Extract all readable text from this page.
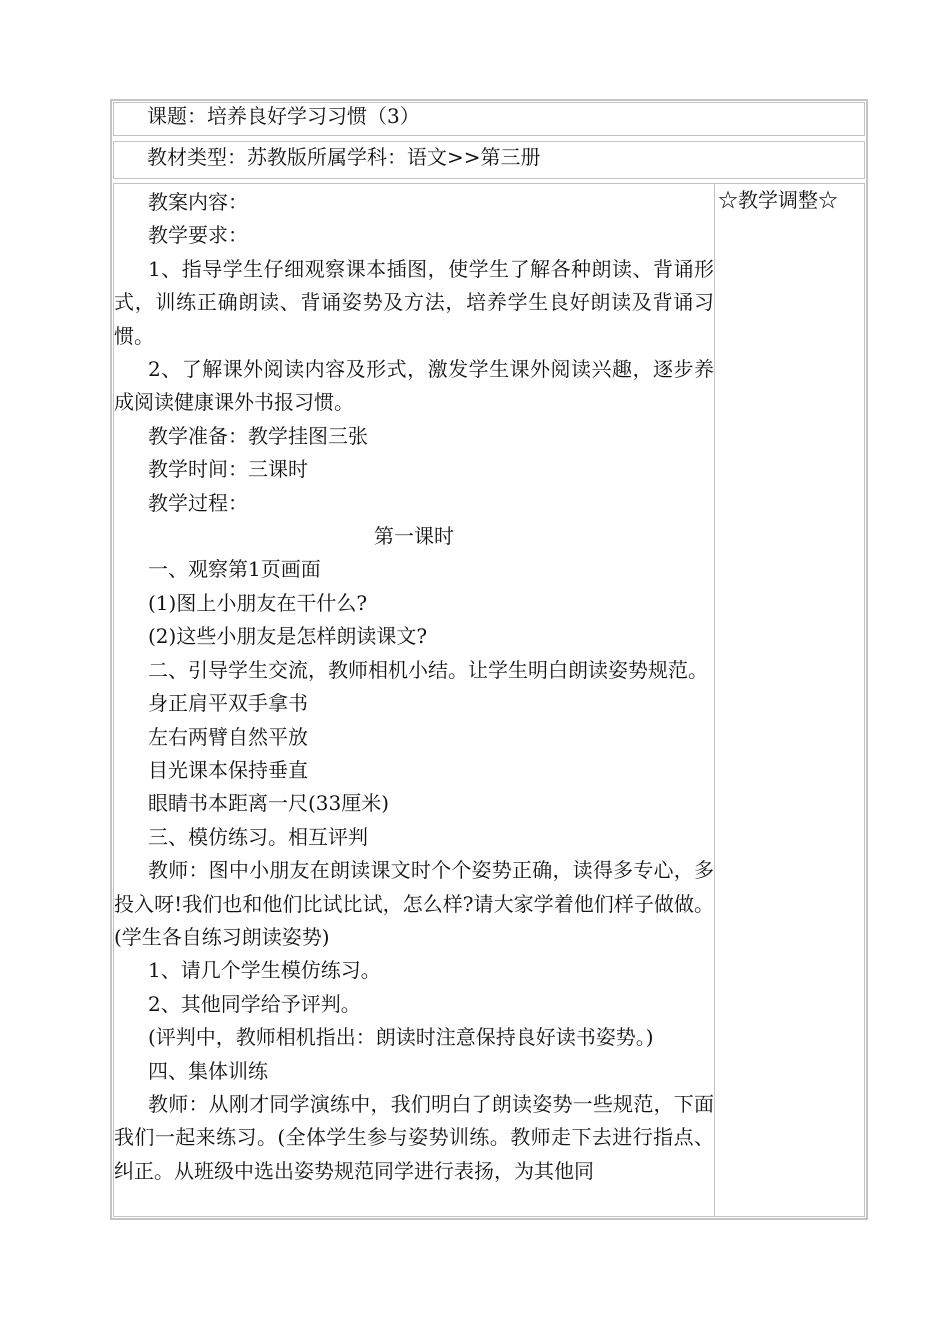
课题：培养良好学习习惯（3）
教材类型：苏教版所属学科：语文>>第三册
☆教学调整☆

教案内容：

教学要求：

1、指导学生仔细观察课本插图，使学生了解各种朗读、背诵形式，训练正确朗读、背诵姿势及方法，培养学生良好朗读及背诵习惯。

2、了解课外阅读内容及形式，激发学生课外阅读兴趣，逐步养成阅读健康课外书报习惯。

教学准备：教学挂图三张

教学时间：三课时

教学过程：

第一课时

一、观察第1页画面

(1)图上小朋友在干什么?

(2)这些小朋友是怎样朗读课文?

二、引导学生交流，教师相机小结。让学生明白朗读姿势规范。

身正肩平双手拿书

左右两臂自然平放

目光课本保持垂直

眼睛书本距离一尺(33厘米)

三、模仿练习。相互评判

教师：图中小朋友在朗读课文时个个姿势正确，读得多专心，多投入呀!我们也和他们比试比试，怎么样?请大家学着他们样子做做。(学生各自练习朗读姿势)

1、请几个学生模仿练习。

2、其他同学给予评判。

(评判中，教师相机指出：朗读时注意保持良好读书姿势。)

四、集体训练

教师：从刚才同学演练中，我们明白了朗读姿势一些规范，下面我们一起来练习。(全体学生参与姿势训练。教师走下去进行指点、纠正。从班级中选出姿势规范同学进行表扬，为其他同
